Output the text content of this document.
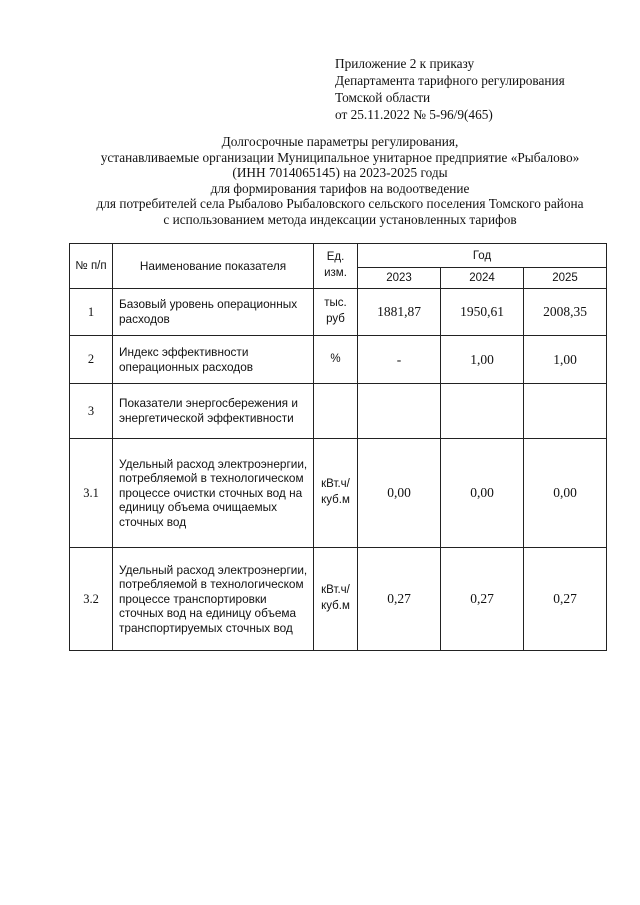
Приложение 2 к приказу
Департамента тарифного регулирования
Томской области
от 25.11.2022 № 5-96/9(465)
Долгосрочные параметры регулирования,
устанавливаемые организации Муниципальное унитарное предприятие «Рыбалово»
(ИНН 7014065145) на 2023-2025 годы
для формирования тарифов на водоотведение
для потребителей села Рыбалово Рыбаловского сельского поселения Томского района
с использованием метода индексации установленных тарифов
№ п/п	Наименование показателя	Ед. изм.	Год		
			2023	2024	2025
1	Базовый уровень операционных расходов	тыс. руб	1881,87	1950,61	2008,35
2	Индекс эффективности операционных расходов	%	-	1,00	1,00
3	Показатели энергосбережения и энергетической эффективности				
3.1	Удельный расход электроэнергии, потребляемой в технологическом процессе очистки сточных вод на единицу объема очищаемых сточных вод	кВт.ч/ куб.м	0,00	0,00	0,00
3.2	Удельный расход электроэнергии, потребляемой в технологическом процессе транспортировки сточных вод на единицу объема транспортируемых сточных вод	кВт.ч/ куб.м	0,27	0,27	0,27
